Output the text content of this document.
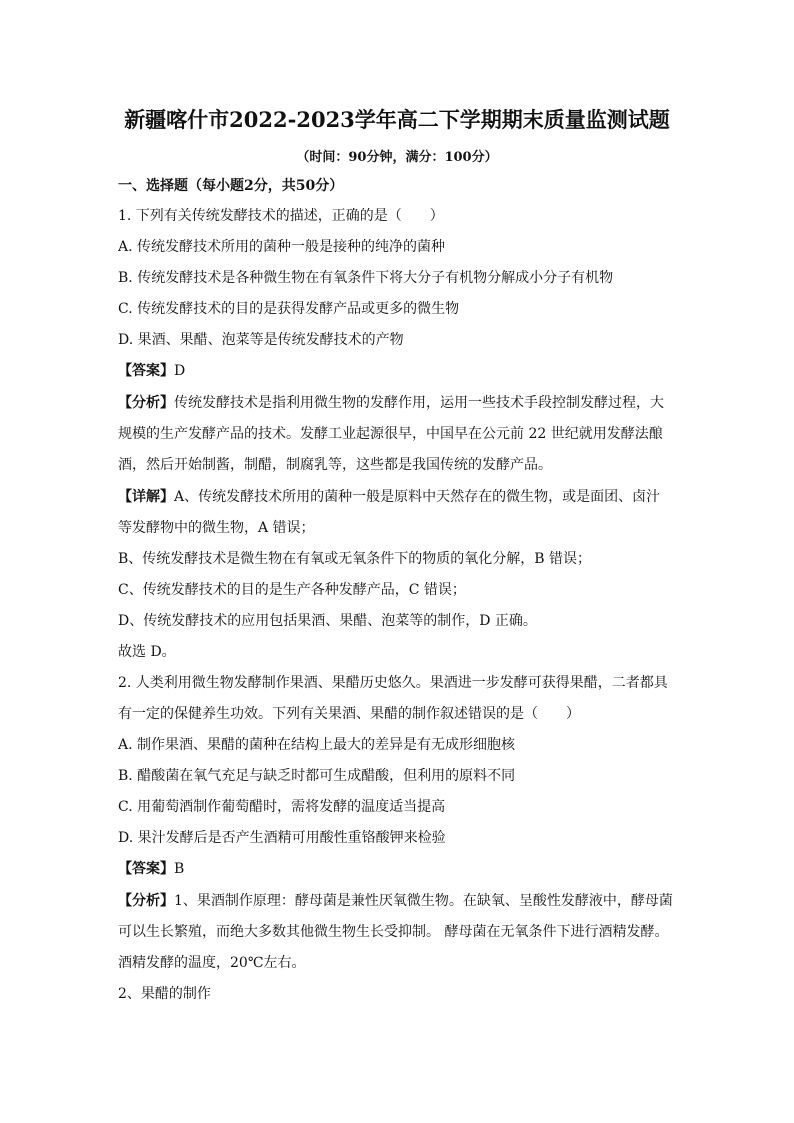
新疆喀什市2022-2023学年高二下学期期末质量监测试题
（时间：90分钟，满分：100分）
一、选择题（每小题2分，共50分）
1. 下列有关传统发酵技术的描述，正确的是（　　）
A. 传统发酵技术所用的菌种一般是接种的纯净的菌种
B. 传统发酵技术是各种微生物在有氧条件下将大分子有机物分解成小分子有机物
C. 传统发酵技术的目的是获得发酵产品或更多的微生物
D. 果酒、果醋、泡菜等是传统发酵技术的产物
【答案】D
【分析】传统发酵技术是指利用微生物的发酵作用，运用一些技术手段控制发酵过程，大
规模的生产发酵产品的技术。发酵工业起源很早，中国早在公元前 22 世纪就用发酵法酿
酒，然后开始制酱，制醋，制腐乳等，这些都是我国传统的发酵产品。
【详解】A、传统发酵技术所用的菌种一般是原料中天然存在的微生物，或是面团、卤汁
等发酵物中的微生物，A 错误；
B、传统发酵技术是微生物在有氧或无氧条件下的物质的氧化分解，B 错误；
C、传统发酵技术的目的是生产各种发酵产品，C 错误；
D、传统发酵技术的应用包括果酒、果醋、泡菜等的制作，D 正确。
故选 D。
2. 人类利用微生物发酵制作果酒、果醋历史悠久。果酒进一步发酵可获得果醋，二者都具
有一定的保健养生功效。下列有关果酒、果醋的制作叙述错误的是（　　）
A. 制作果酒、果醋的菌种在结构上最大的差异是有无成形细胞核
B. 醋酸菌在氧气充足与缺乏时都可生成醋酸，但利用的原料不同
C. 用葡萄酒制作葡萄醋时，需将发酵的温度适当提高
D. 果汁发酵后是否产生酒精可用酸性重铬酸钾来检验
【答案】B
【分析】1、果酒制作原理：酵母菌是兼性厌氧微生物。在缺氧、呈酸性发酵液中，酵母菌
可以生长繁殖，而绝大多数其他微生物生长受抑制。 酵母菌在无氧条件下进行酒精发酵。
酒精发酵的温度，20℃左右。
2、果醋的制作
